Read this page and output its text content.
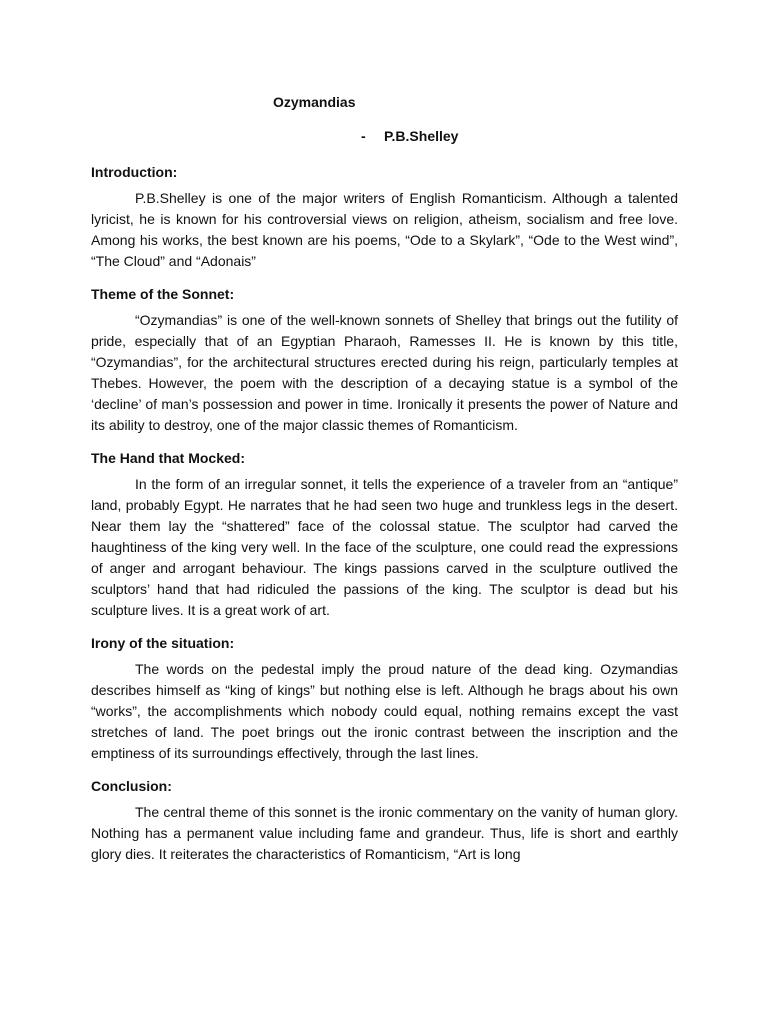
Ozymandias
- P.B.Shelley
Introduction:

P.B.Shelley is one of the major writers of English Romanticism. Although a talented lyricist, he is known for his controversial views on religion, atheism, socialism and free love. Among his works, the best known are his poems, “Ode to a Skylark”, “Ode to the West wind”, “The Cloud” and “Adonais”

Theme of the Sonnet:

“Ozymandias” is one of the well-known sonnets of Shelley that brings out the futility of pride, especially that of an Egyptian Pharaoh, Ramesses II. He is known by this title, “Ozymandias”, for the architectural structures erected during his reign, particularly temples at Thebes. However, the poem with the description of a decaying statue is a symbol of the ‘decline’ of man’s possession and power in time. Ironically it presents the power of Nature and its ability to destroy, one of the major classic themes of Romanticism.

The Hand that Mocked:

In the form of an irregular sonnet, it tells the experience of a traveler from an “antique” land, probably Egypt. He narrates that he had seen two huge and trunkless legs in the desert. Near them lay the “shattered” face of the colossal statue. The sculptor had carved the haughtiness of the king very well. In the face of the sculpture, one could read the expressions of anger and arrogant behaviour. The kings passions carved in the sculpture outlived the sculptors’ hand that had ridiculed the passions of the king. The sculptor is dead but his sculpture lives. It is a great work of art.

Irony of the situation:

The words on the pedestal imply the proud nature of the dead king. Ozymandias describes himself as “king of kings” but nothing else is left. Although he brags about his own “works”, the accomplishments which nobody could equal, nothing remains except the vast stretches of land. The poet brings out the ironic contrast between the inscription and the emptiness of its surroundings effectively, through the last lines.

Conclusion:

The central theme of this sonnet is the ironic commentary on the vanity of human glory. Nothing has a permanent value including fame and grandeur. Thus, life is short and earthly glory dies. It reiterates the characteristics of Romanticism, “Art is long
